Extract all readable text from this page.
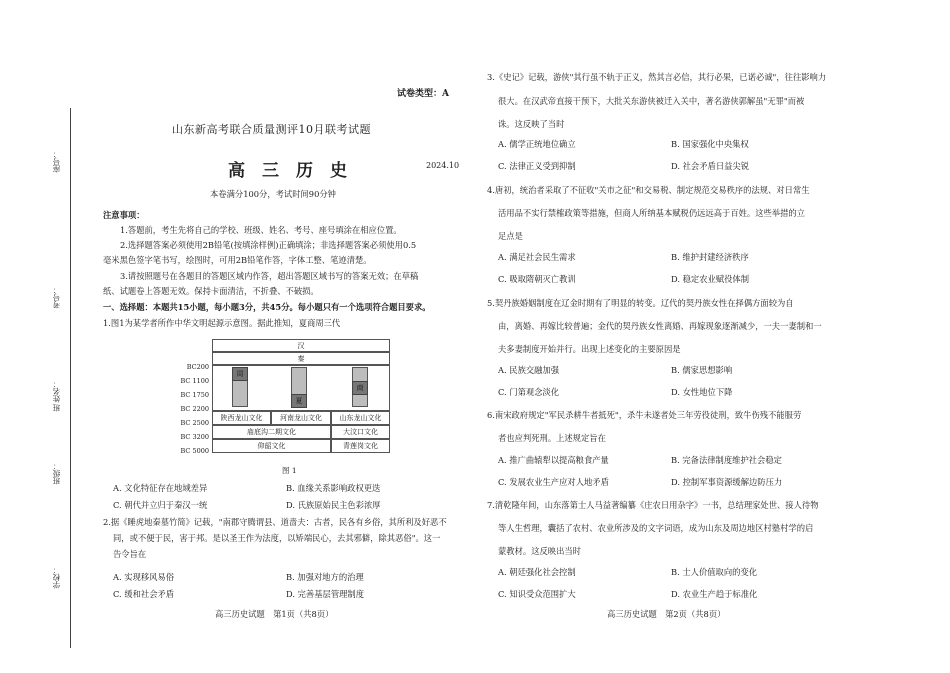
座号：
考号：
姓名：
班
班级：
学校：
试卷类型：A
山东新高考联合质量测评10月联考试题
高　三　历　史	2024.10
本卷满分100分，考试时间90分钟
注意事项：
1.答题前，考生先将自己的学校、班级、姓名、考号、座号填涂在相应位置。
2.选择题答案必须使用2B铅笔(按填涂样例)正确填涂；非选择题答案必须使用0.5
毫米黑色签字笔书写，绘图时，可用2B铅笔作答，字体工整、笔迹清楚。
3.请按照题号在各题目的答题区域内作答，超出答题区域书写的答案无效；在草稿
纸、试题卷上答题无效。保持卡面清洁，不折叠、不破损。
一、选择题：本题共15小题，每小题3分，共45分。每小题只有一个选项符合题目要求。
1.图1为某学者所作中华文明起源示意图。据此推知，夏商周三代
BC200
BC 1100
BC 1750
BC 2200
BC 2500
BC 3200
BC 5000
汉
秦
周
夏
商
陕西龙山文化	河南龙山文化	山东龙山文化
庙底沟二期文化	大汶口文化
仰韶文化	青莲岗文化
图 1
A. 文化特征存在地域差异	B. 血缘关系影响政权更迭
C. 朝代并立归于秦汉一统	D. 氏族原始民主色彩浓厚
2.据《睡虎地秦墓竹简》记载，"南郡守腾谓县、道啬夫：古者，民各有乡俗，其所利及好恶不
同，或不便于民，害于邦。是以圣王作为法度，以矫端民心，去其邪僻，除其恶俗"。这一
告令旨在
A. 实现移风易俗	B. 加强对地方的治理
C. 缓和社会矛盾	D. 完善基层管理制度
高三历史试题　第1页（共8页）	高三历史试题　第2页（共8页）
3.《史记》记载，游侠"其行虽不轨于正义，然其言必信，其行必果，已诺必诚"，往往影响力
很大。在汉武帝直接干预下，大批关东游侠被迁入关中，著名游侠郭解虽"无罪"而被
诛。这反映了当时
A. 儒学正统地位确立	B. 国家强化中央集权
C. 法律正义受到抑制	D. 社会矛盾日益尖锐
4.唐初，统治者采取了不征收"关市之征"和交易税、制定规范交易秩序的法规、对日常生
活用品不实行禁榷政策等措施，但商人所纳基本赋税仍远远高于百姓。这些举措的立
足点是
A. 满足社会民生需求	B. 维护封建经济秩序
C. 吸取隋朝灭亡教训	D. 稳定农业赋役体制
5.契丹族婚姻制度在辽金时期有了明显的转变。辽代的契丹族女性在择偶方面较为自
由，离婚、再嫁比较普遍；金代的契丹族女性离婚、再嫁现象逐渐减少，一夫一妻制和一
夫多妻制度开始并行。出现上述变化的主要原因是
A. 民族交融加强	B. 儒家思想影响
C. 门第观念淡化	D. 女性地位下降
6.南宋政府规定"军民杀耕牛者抵死"，杀牛未遂者处三年劳役徒刑，致牛伤残不能服劳
者也应判死刑。上述规定旨在
A. 推广曲辕犁以提高粮食产量	B. 完备法律制度维护社会稳定
C. 发展农业生产应对人地矛盾	D. 控制军事资源缓解边防压力
7.清乾隆年间，山东落第士人马益著编纂《庄农日用杂字》一书，总结理家处世、接人待物
等人生哲理，囊括了农村、农业所涉及的文字词语，成为山东及周边地区村塾村学的启
蒙教材。这反映出当时
A. 朝廷强化社会控制	B. 士人价值取向的变化
C. 知识受众范围扩大	D. 农业生产趋于标准化
